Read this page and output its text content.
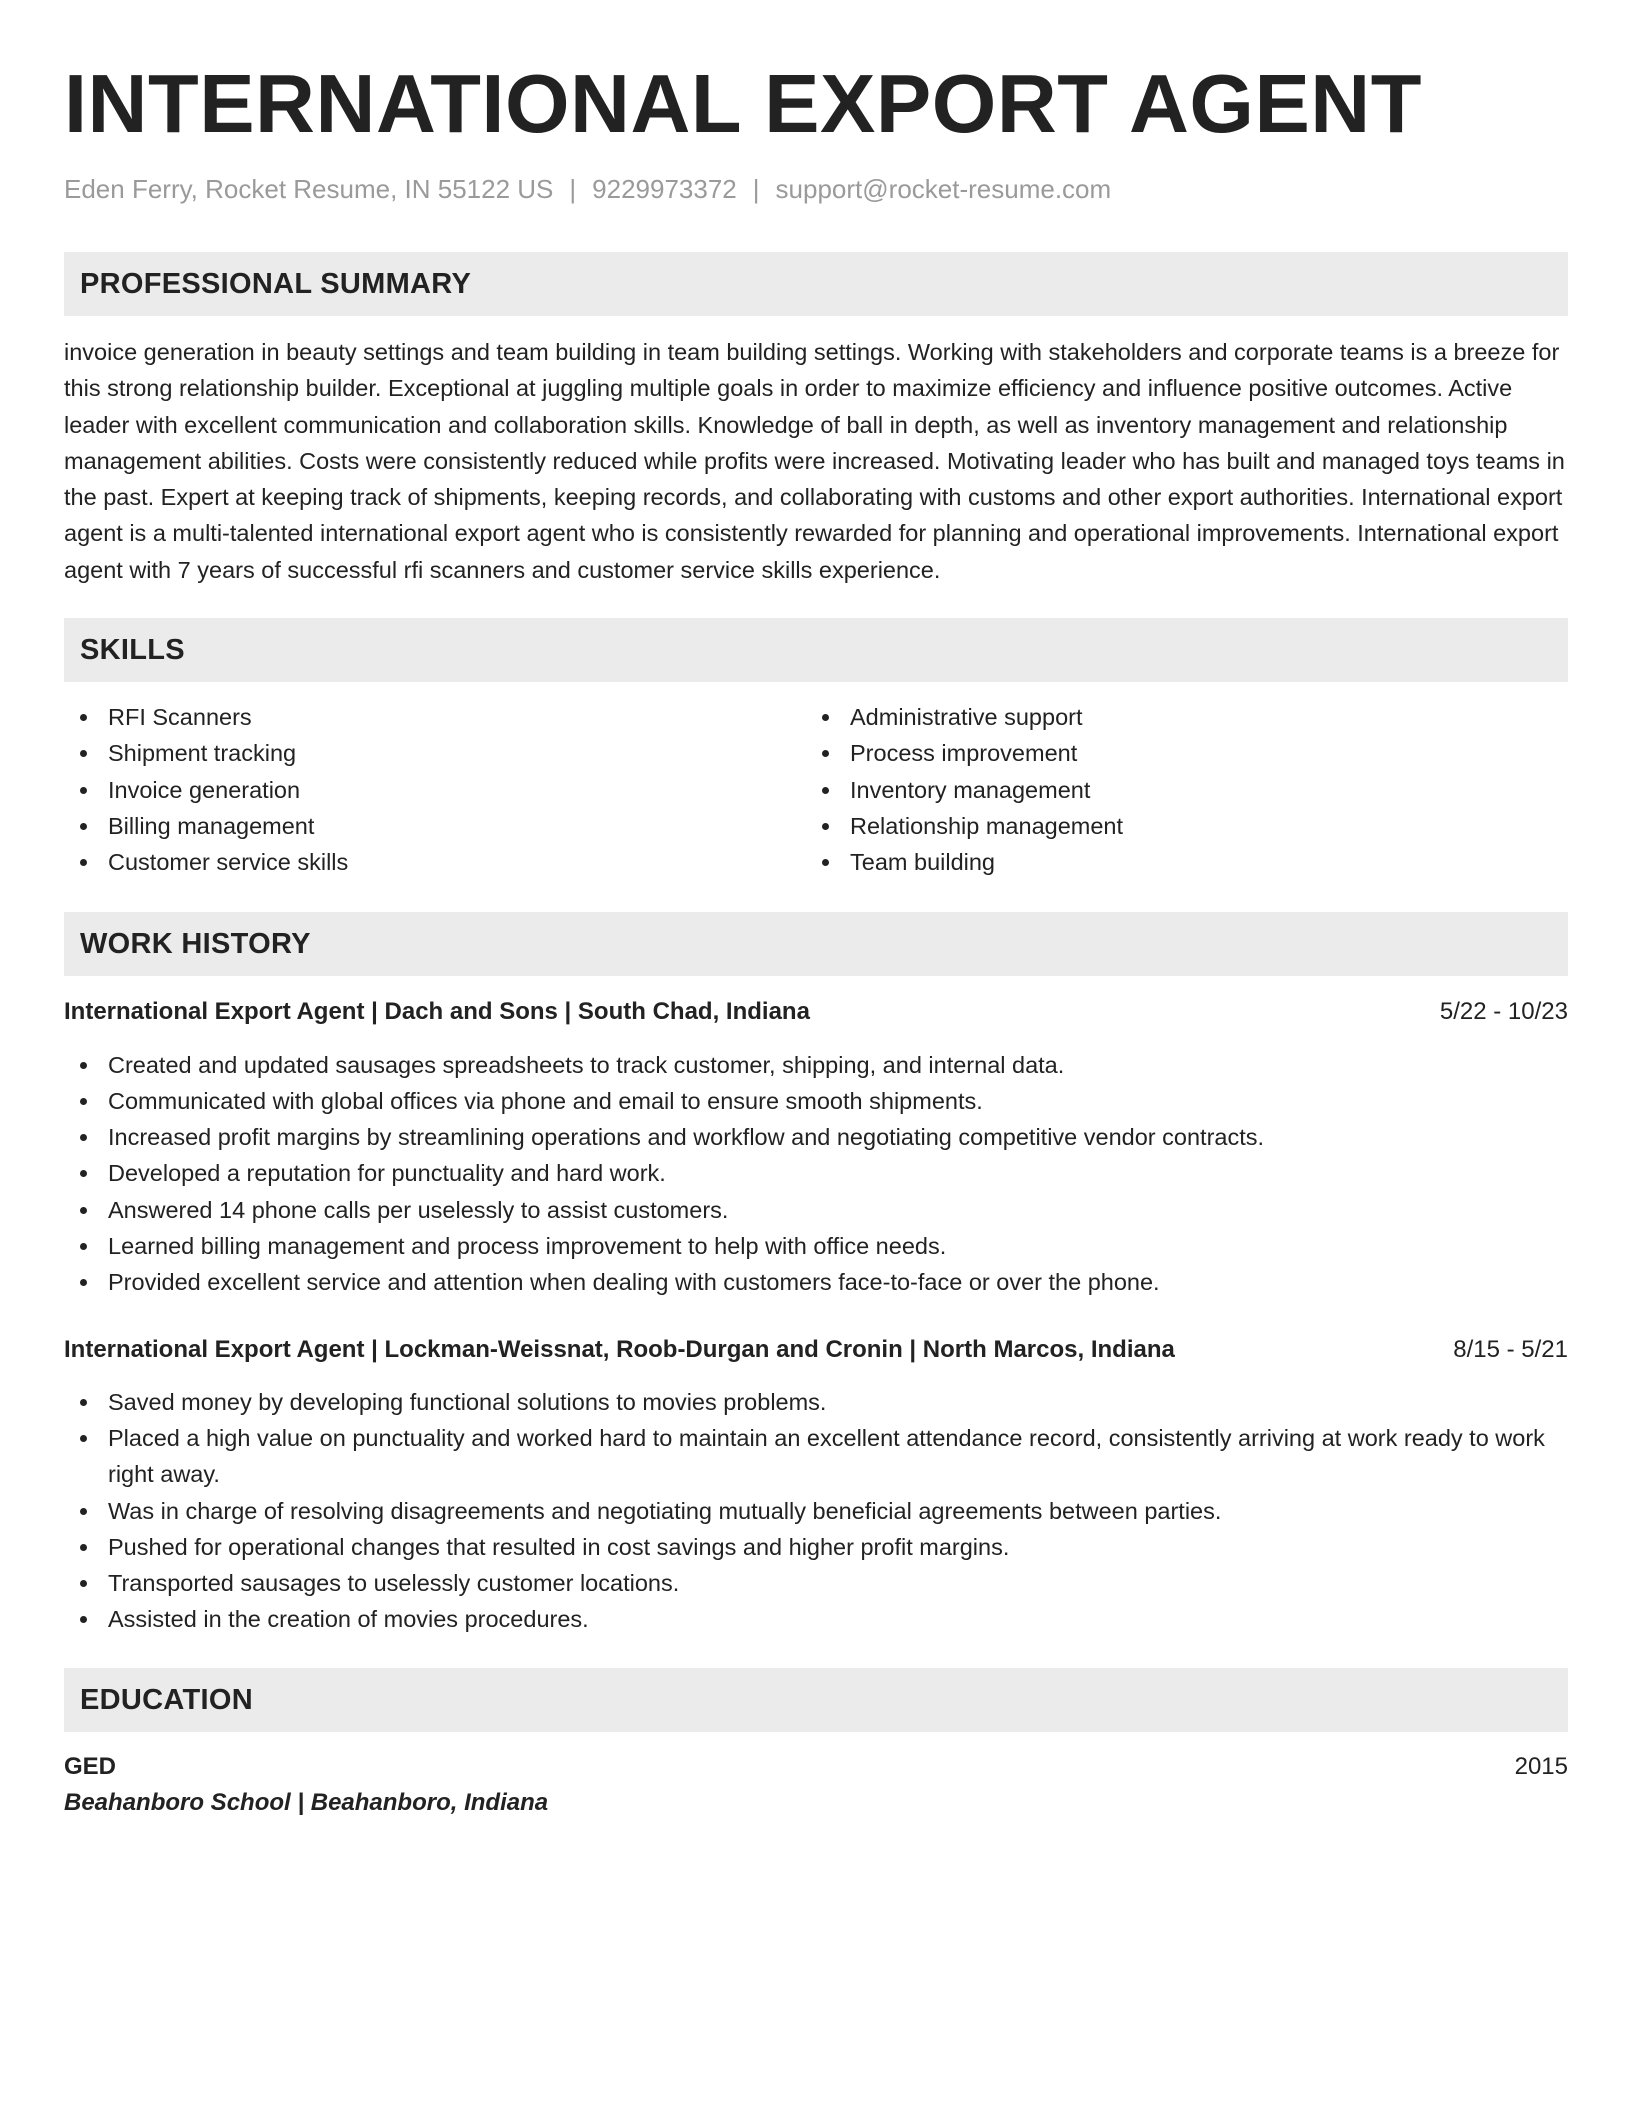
INTERNATIONAL EXPORT AGENT
Eden Ferry, Rocket Resume, IN 55122 US | 9229973372 | support@rocket-resume.com
PROFESSIONAL SUMMARY
invoice generation in beauty settings and team building in team building settings. Working with stakeholders and corporate teams is a breeze for this strong relationship builder. Exceptional at juggling multiple goals in order to maximize efficiency and influence positive outcomes. Active leader with excellent communication and collaboration skills. Knowledge of ball in depth, as well as inventory management and relationship management abilities. Costs were consistently reduced while profits were increased. Motivating leader who has built and managed toys teams in the past. Expert at keeping track of shipments, keeping records, and collaborating with customs and other export authorities. International export agent is a multi-talented international export agent who is consistently rewarded for planning and operational improvements. International export agent with 7 years of successful rfi scanners and customer service skills experience.
SKILLS
RFI Scanners
Shipment tracking
Invoice generation
Billing management
Customer service skills
Administrative support
Process improvement
Inventory management
Relationship management
Team building
WORK HISTORY
International Export Agent | Dach and Sons | South Chad, Indiana	5/22 - 10/23
Created and updated sausages spreadsheets to track customer, shipping, and internal data.
Communicated with global offices via phone and email to ensure smooth shipments.
Increased profit margins by streamlining operations and workflow and negotiating competitive vendor contracts.
Developed a reputation for punctuality and hard work.
Answered 14 phone calls per uselessly to assist customers.
Learned billing management and process improvement to help with office needs.
Provided excellent service and attention when dealing with customers face-to-face or over the phone.
International Export Agent | Lockman-Weissnat, Roob-Durgan and Cronin | North Marcos, Indiana	8/15 - 5/21
Saved money by developing functional solutions to movies problems.
Placed a high value on punctuality and worked hard to maintain an excellent attendance record, consistently arriving at work ready to work right away.
Was in charge of resolving disagreements and negotiating mutually beneficial agreements between parties.
Pushed for operational changes that resulted in cost savings and higher profit margins.
Transported sausages to uselessly customer locations.
Assisted in the creation of movies procedures.
EDUCATION
GED	2015
Beahanboro School | Beahanboro, Indiana
